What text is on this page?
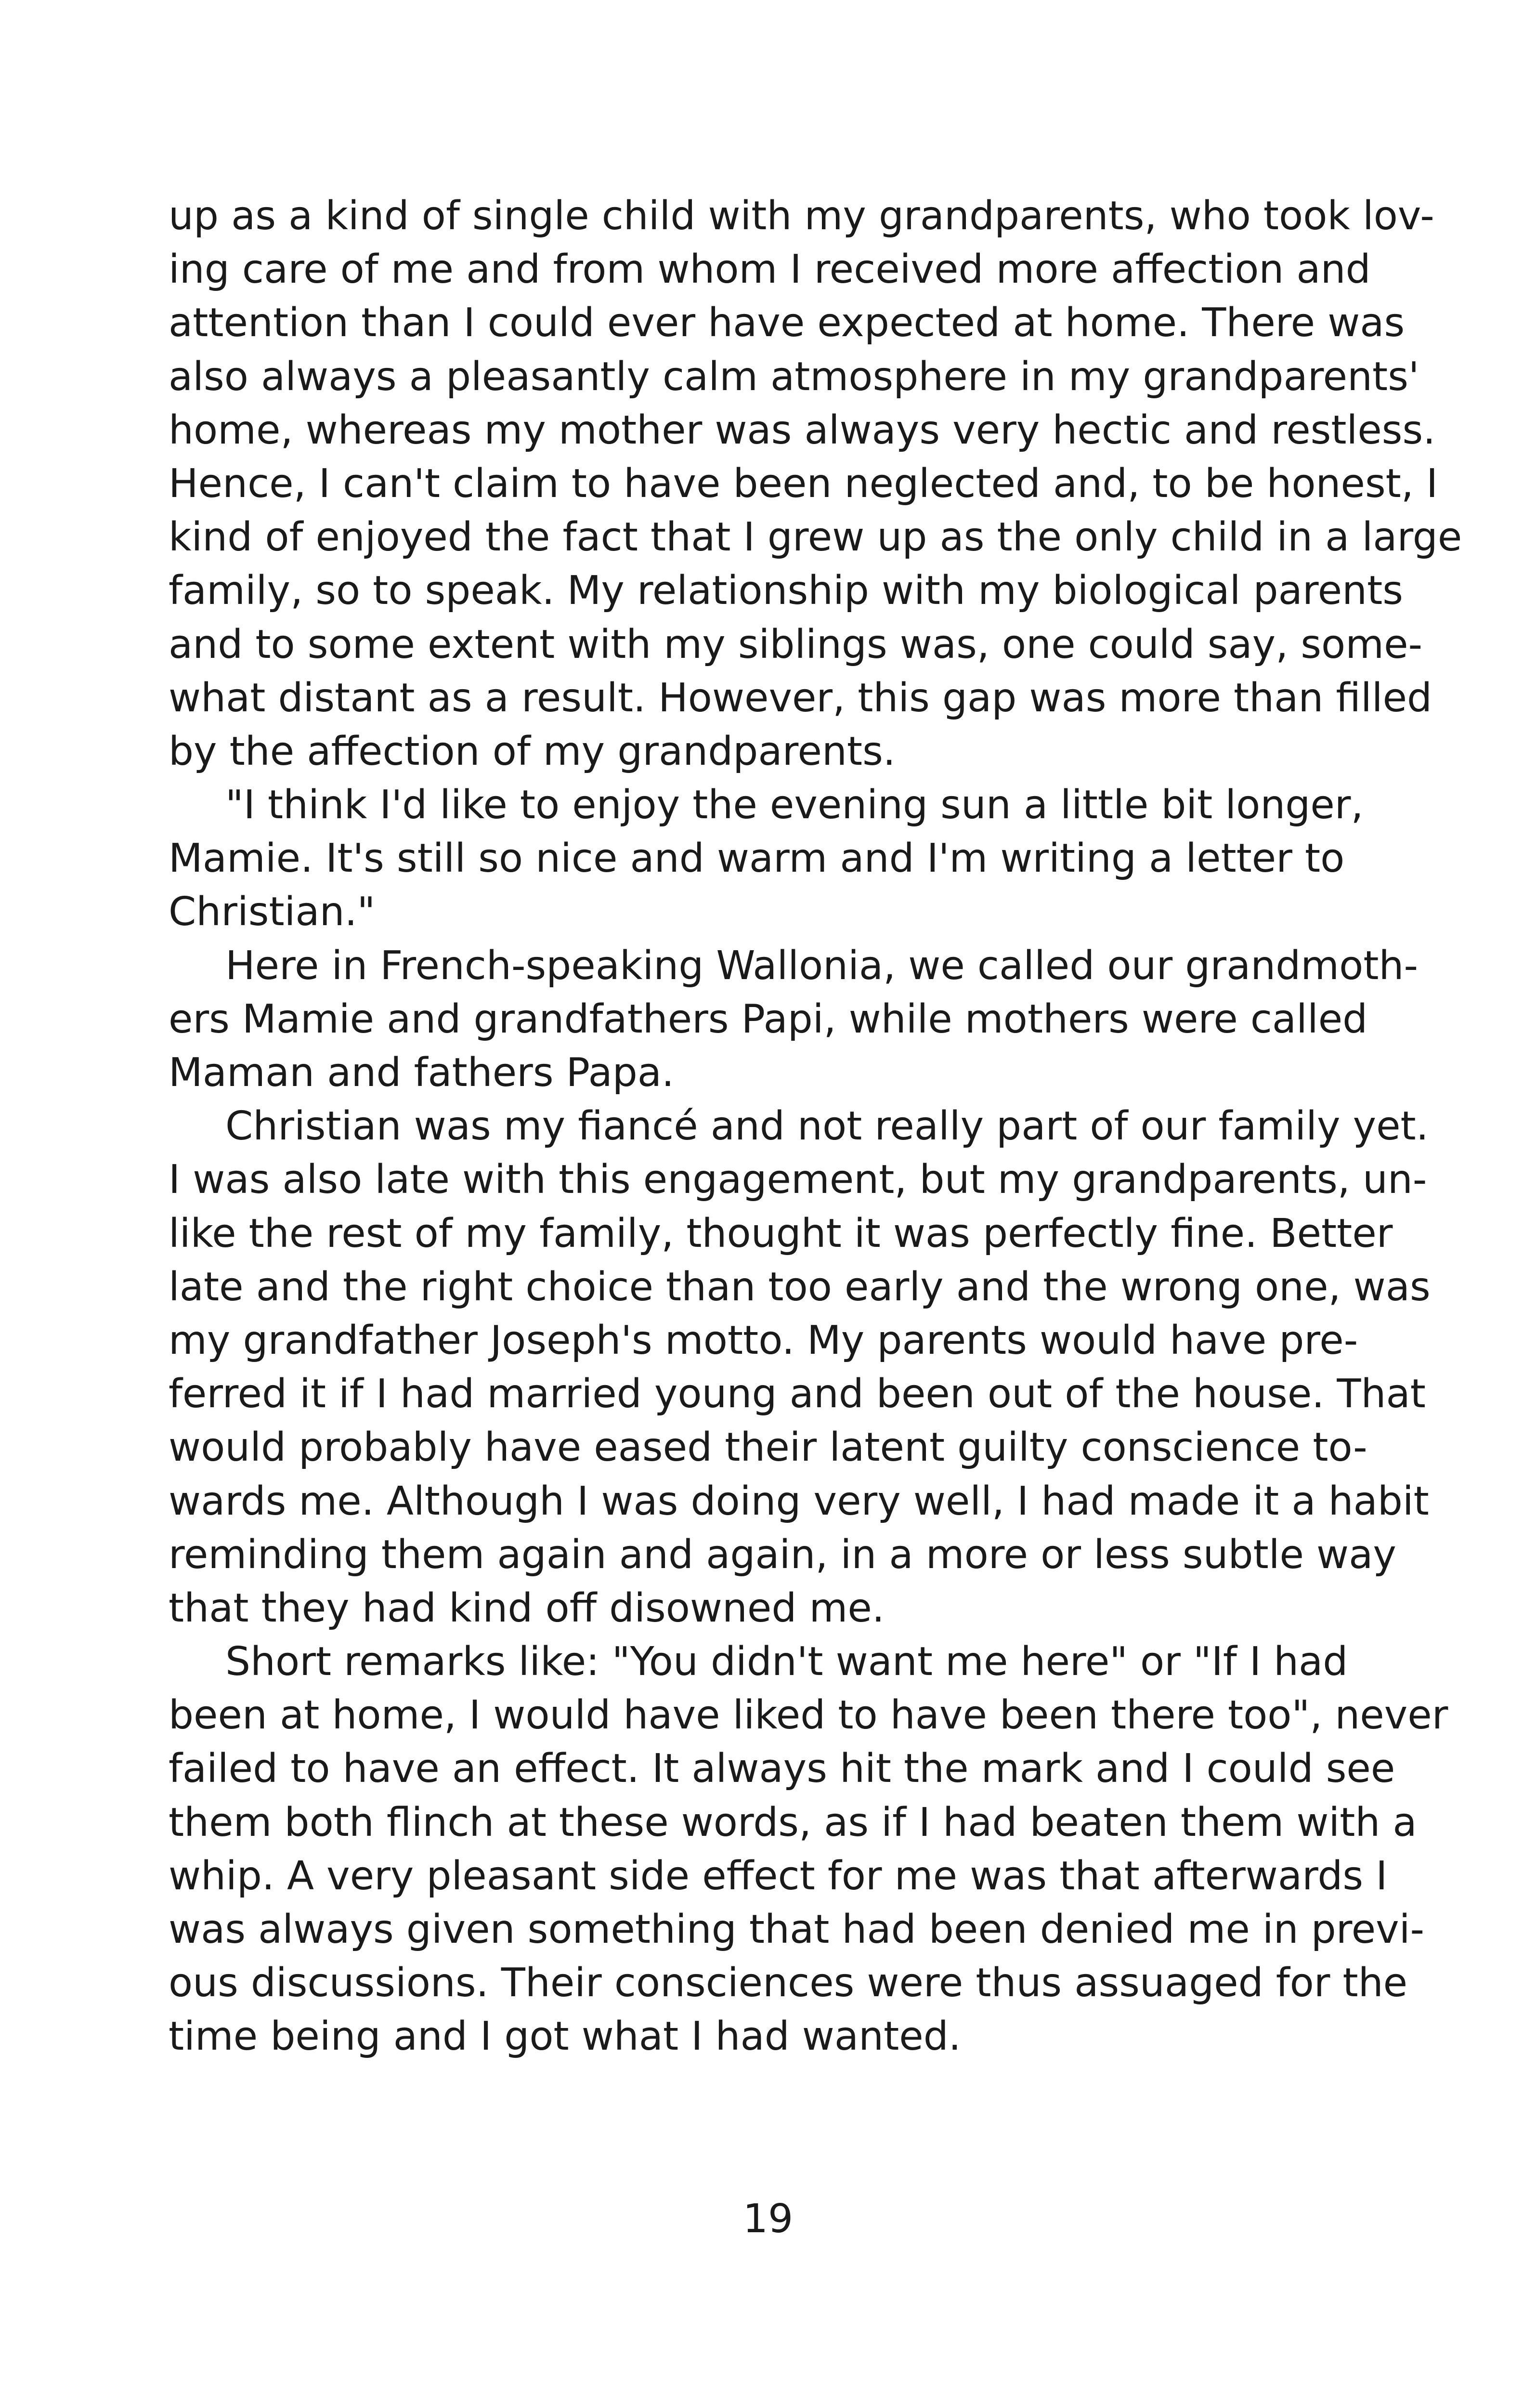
up as a kind of single child with my grandparents, who took lov-
ing care of me and from whom I received more affection and
attention than I could ever have expected at home. There was
also always a pleasantly calm atmosphere in my grandparents'
home, whereas my mother was always very hectic and restless.
Hence, I can't claim to have been neglected and, to be honest, I
kind of enjoyed the fact that I grew up as the only child in a large
family, so to speak. My relationship with my biological parents
and to some extent with my siblings was, one could say, some-
what distant as a result. However, this gap was more than filled
by the affection of my grandparents.
"I think I'd like to enjoy the evening sun a little bit longer,
Mamie. It's still so nice and warm and I'm writing a letter to
Christian."
Here in French-speaking Wallonia, we called our grandmoth-
ers Mamie and grandfathers Papi, while mothers were called
Maman and fathers Papa.
Christian was my fiancé and not really part of our family yet.
I was also late with this engagement, but my grandparents, un-
like the rest of my family, thought it was perfectly fine. Better
late and the right choice than too early and the wrong one, was
my grandfather Joseph's motto. My parents would have pre-
ferred it if I had married young and been out of the house. That
would probably have eased their latent guilty conscience to-
wards me. Although I was doing very well, I had made it a habit
reminding them again and again, in a more or less subtle way
that they had kind off disowned me.
Short remarks like: "You didn't want me here" or "If I had
been at home, I would have liked to have been there too", never
failed to have an effect. It always hit the mark and I could see
them both flinch at these words, as if I had beaten them with a
whip. A very pleasant side effect for me was that afterwards I
was always given something that had been denied me in previ-
ous discussions. Their consciences were thus assuaged for the
time being and I got what I had wanted.
19
